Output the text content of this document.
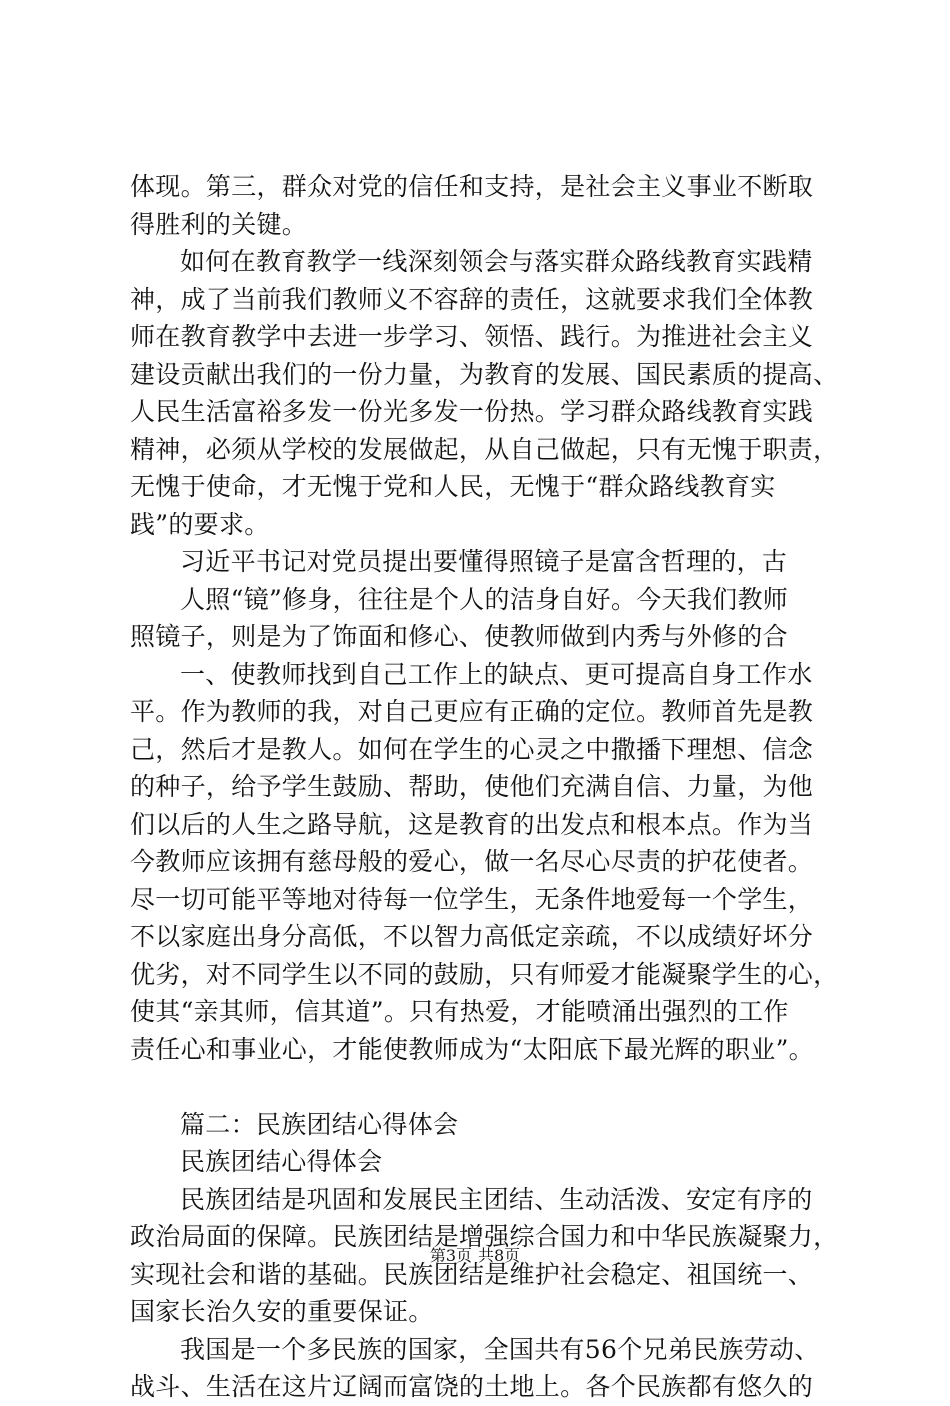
体现。第三，群众对党的信任和支持，是社会主义事业不断取
得胜利的关键。
如何在教育教学一线深刻领会与落实群众路线教育实践精
神，成了当前我们教师义不容辞的责任，这就要求我们全体教
师在教育教学中去进一步学习、领悟、践行。为推进社会主义
建设贡献出我们的一份力量，为教育的发展、国民素质的提高、
人民生活富裕多发一份光多发一份热。学习群众路线教育实践
精神，必须从学校的发展做起，从自己做起，只有无愧于职责，
无愧于使命，才无愧于党和人民，无愧于“群众路线教育实
践”的要求。
习近平书记对党员提出要懂得照镜子是富含哲理的，古
人照“镜”修身，往往是个人的洁身自好。今天我们教师
照镜子，则是为了饰面和修心、使教师做到内秀与外修的合
一、使教师找到自己工作上的缺点、更可提高自身工作水
平。作为教师的我，对自己更应有正确的定位。教师首先是教
己，然后才是教人。如何在学生的心灵之中撒播下理想、信念
的种子，给予学生鼓励、帮助，使他们充满自信、力量，为他
们以后的人生之路导航，这是教育的出发点和根本点。作为当
今教师应该拥有慈母般的爱心，做一名尽心尽责的护花使者。
尽一切可能平等地对待每一位学生，无条件地爱每一个学生，
不以家庭出身分高低，不以智力高低定亲疏，不以成绩好坏分
优劣，对不同学生以不同的鼓励，只有师爱才能凝聚学生的心，
使其“亲其师，信其道”。只有热爱，才能喷涌出强烈的工作
责任心和事业心，才能使教师成为“太阳底下最光辉的职业”。
篇二：民族团结心得体会
民族团结心得体会
民族团结是巩固和发展民主团结、生动活泼、安定有序的
政治局面的保障。民族团结是增强综合国力和中华民族凝聚力，
实现社会和谐的基础。民族团结是维护社会稳定、祖国统一、
国家长治久安的重要保证。
我国是一个多民族的国家，全国共有56个兄弟民族劳动、
战斗、生活在这片辽阔而富饶的土地上。各个民族都有悠久的
第3页 共8页
